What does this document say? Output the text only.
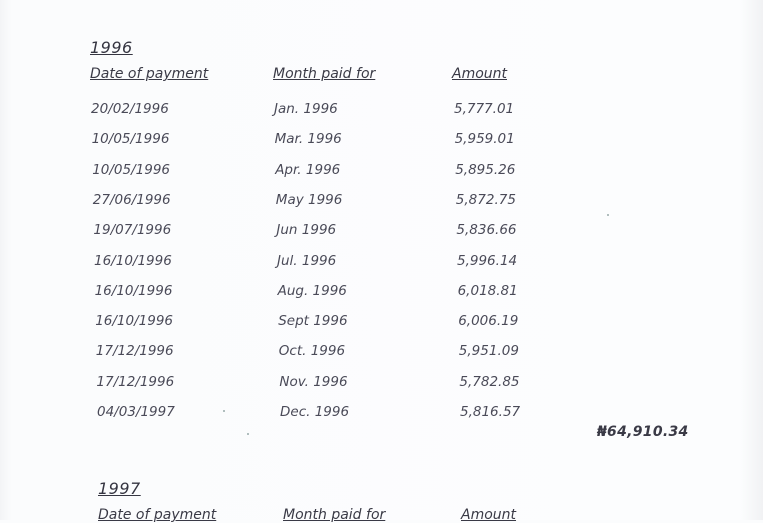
1996
Date of payment	Month paid for	Amount
20/02/1996	Jan. 1996	5,777.01
10/05/1996	Mar. 1996	5,959.01
10/05/1996	Apr. 1996	5,895.26
27/06/1996	May 1996	5,872.75
19/07/1996	Jun 1996	5,836.66
16/10/1996	Jul. 1996	5,996.14
16/10/1996	Aug. 1996	6,018.81
16/10/1996	Sept 1996	6,006.19
17/12/1996	Oct. 1996	5,951.09
17/12/1996	Nov. 1996	5,782.85
04/03/1997	Dec. 1996	5,816.57
₦64,910.34
1997
Date of payment	Month paid for	Amount
